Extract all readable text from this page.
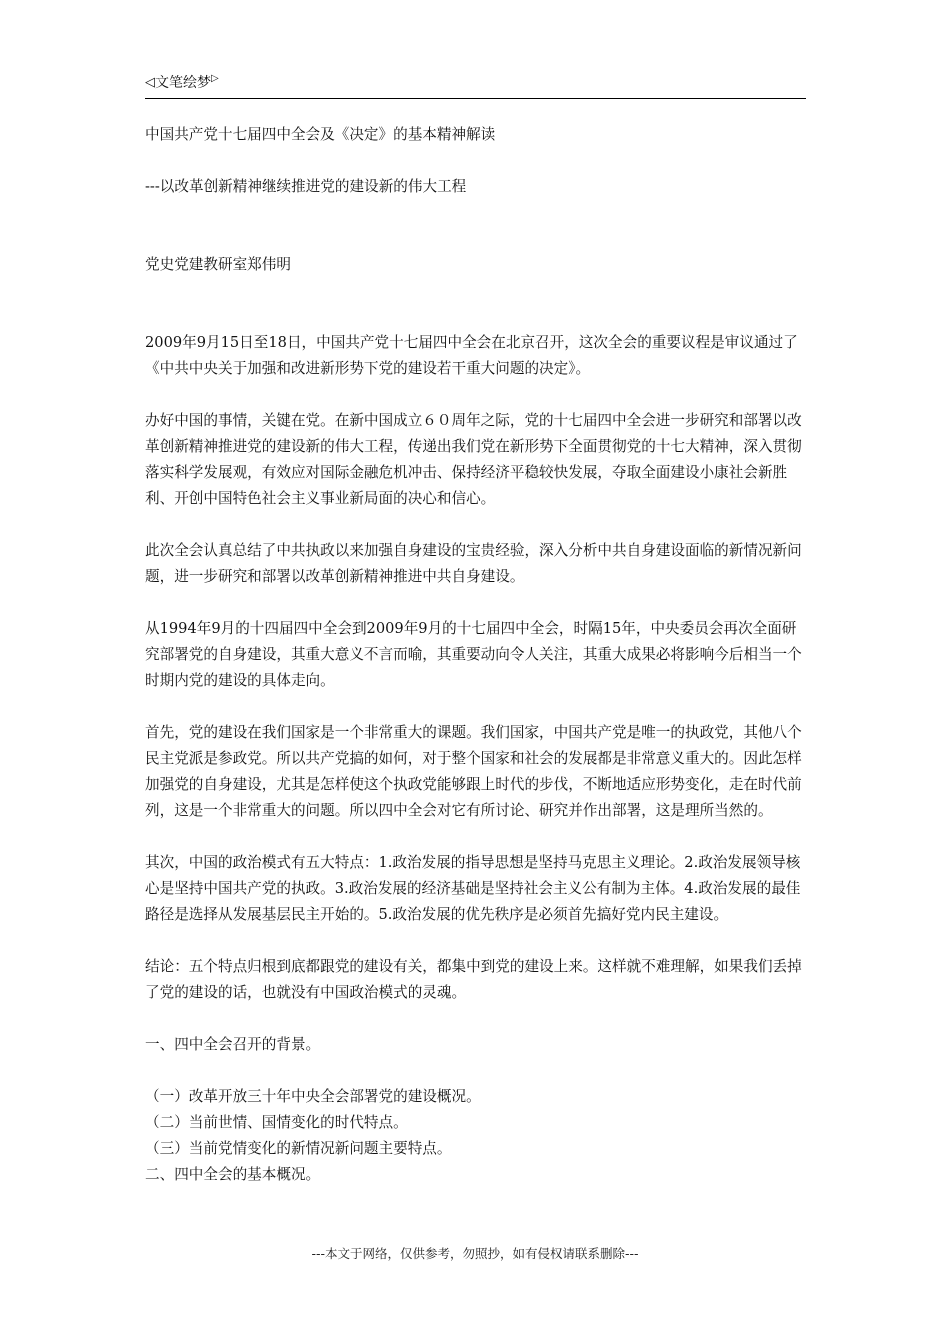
◁ 文笔绘梦 ▷

中国共产党十七届四中全会及《决定》的基本精神解读

---以改革创新精神继续推进党的建设新的伟大工程

党史党建教研室郑伟明

2009年9月15日至18日，中国共产党十七届四中全会在北京召开，这次全会的重要议程是审议通过了《中共中央关于加强和改进新形势下党的建设若干重大问题的决定》。

办好中国的事情，关键在党。在新中国成立６０周年之际，党的十七届四中全会进一步研究和部署以改革创新精神推进党的建设新的伟大工程，传递出我们党在新形势下全面贯彻党的十七大精神，深入贯彻落实科学发展观，有效应对国际金融危机冲击、保持经济平稳较快发展，夺取全面建设小康社会新胜利、开创中国特色社会主义事业新局面的决心和信心。

此次全会认真总结了中共执政以来加强自身建设的宝贵经验，深入分析中共自身建设面临的新情况新问题，进一步研究和部署以改革创新精神推进中共自身建设。

从1994年9月的十四届四中全会到2009年9月的十七届四中全会，时隔15年，中央委员会再次全面研究部署党的自身建设，其重大意义不言而喻，其重要动向令人关注，其重大成果必将影响今后相当一个时期内党的建设的具体走向。

首先，党的建设在我们国家是一个非常重大的课题。我们国家，中国共产党是唯一的执政党，其他八个民主党派是参政党。所以共产党搞的如何，对于整个国家和社会的发展都是非常意义重大的。因此怎样加强党的自身建设，尤其是怎样使这个执政党能够跟上时代的步伐，不断地适应形势变化，走在时代前列，这是一个非常重大的问题。所以四中全会对它有所讨论、研究并作出部署，这是理所当然的。

其次，中国的政治模式有五大特点：1.政治发展的指导思想是坚持马克思主义理论。2.政治发展领导核心是坚持中国共产党的执政。3.政治发展的经济基础是坚持社会主义公有制为主体。4.政治发展的最佳路径是选择从发展基层民主开始的。5.政治发展的优先秩序是必须首先搞好党内民主建设。

结论：五个特点归根到底都跟党的建设有关，都集中到党的建设上来。这样就不难理解，如果我们丢掉了党的建设的话，也就没有中国政治模式的灵魂。

一、四中全会召开的背景。

（一）改革开放三十年中央全会部署党的建设概况。

（二）当前世情、国情变化的时代特点。

（三）当前党情变化的新情况新问题主要特点。

二、四中全会的基本概况。

---本文于网络，仅供参考，勿照抄，如有侵权请联系删除---
